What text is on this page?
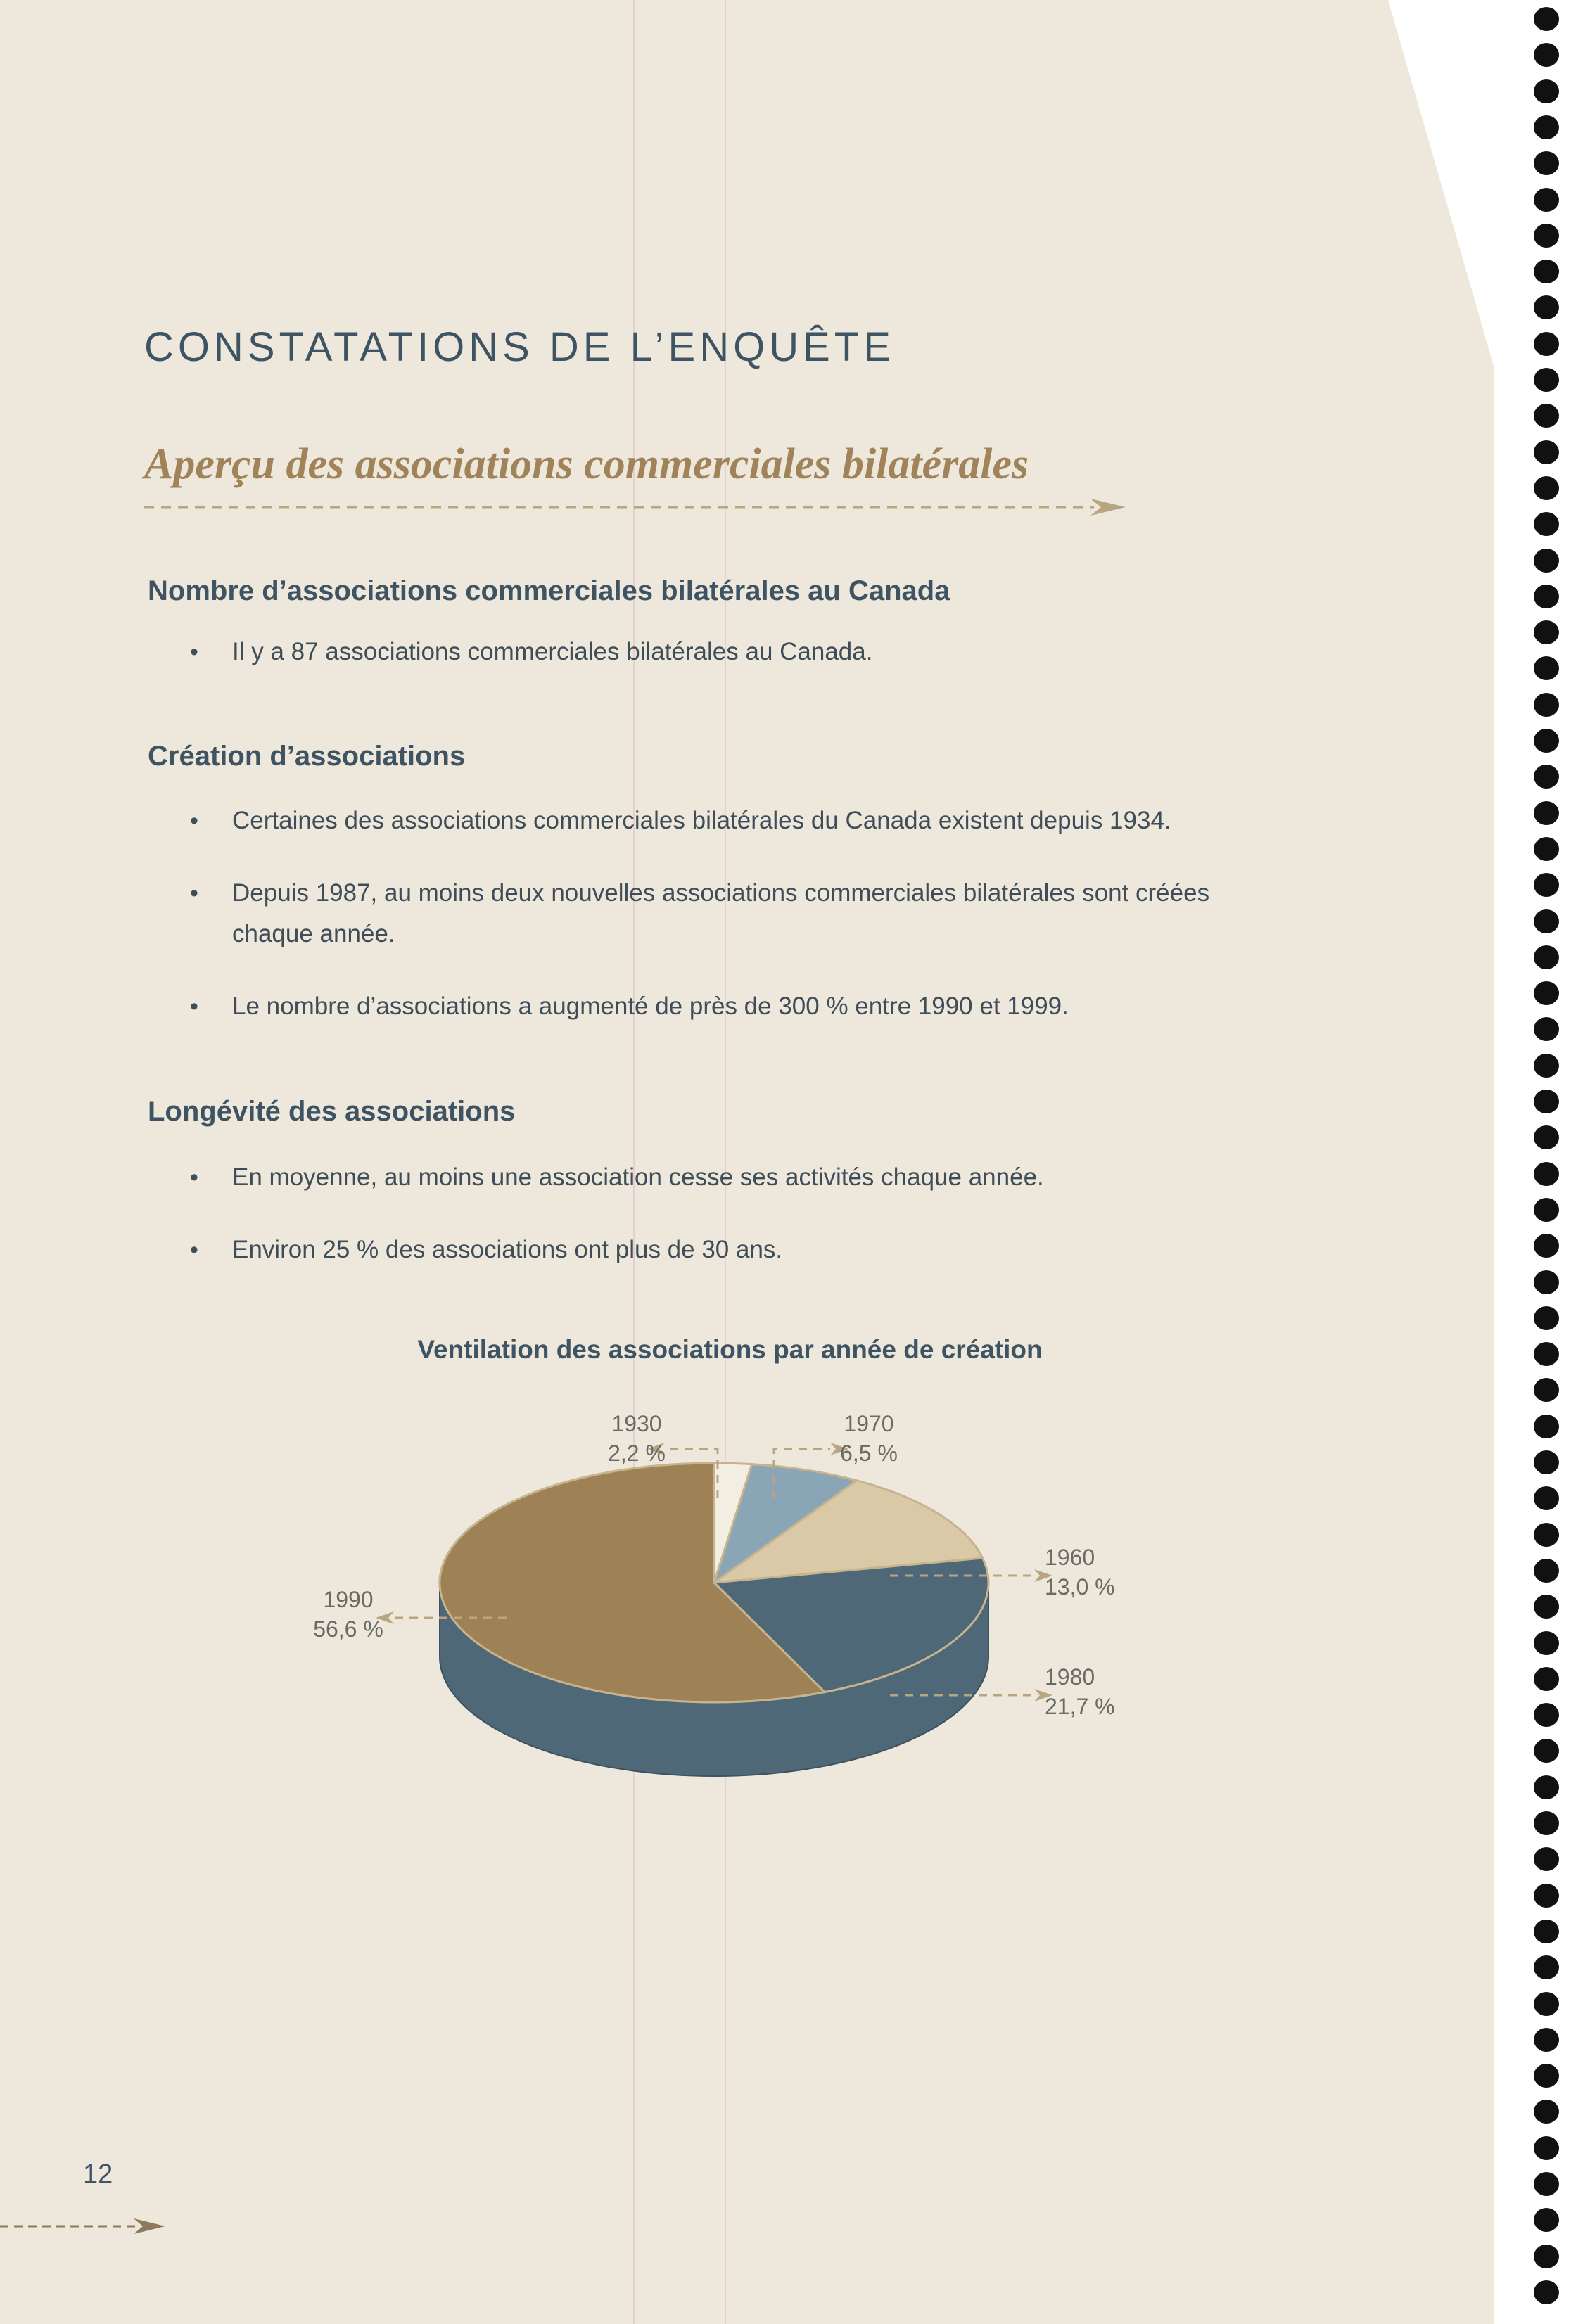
CONSTATATIONS DE L’ENQUÊTE
Aperçu des associations commerciales bilatérales
Nombre d’associations commerciales bilatérales au Canada
• Il y a 87 associations commerciales bilatérales au Canada.
Création d’associations
• Certaines des associations commerciales bilatérales du Canada existent depuis 1934.
• Depuis 1987, au moins deux nouvelles associations commerciales bilatérales sont créées chaque année.
• Le nombre d’associations a augmenté de près de 300 % entre 1990 et 1999.
Longévité des associations
• En moyenne, au moins une association cesse ses activités chaque année.
• Environ 25 % des associations ont plus de 30 ans.
Ventilation des associations par année de création
1930
2,2 %
1970
6,5 %
1960
13,0 %
1980
21,7 %
1990
56,6 %
12
